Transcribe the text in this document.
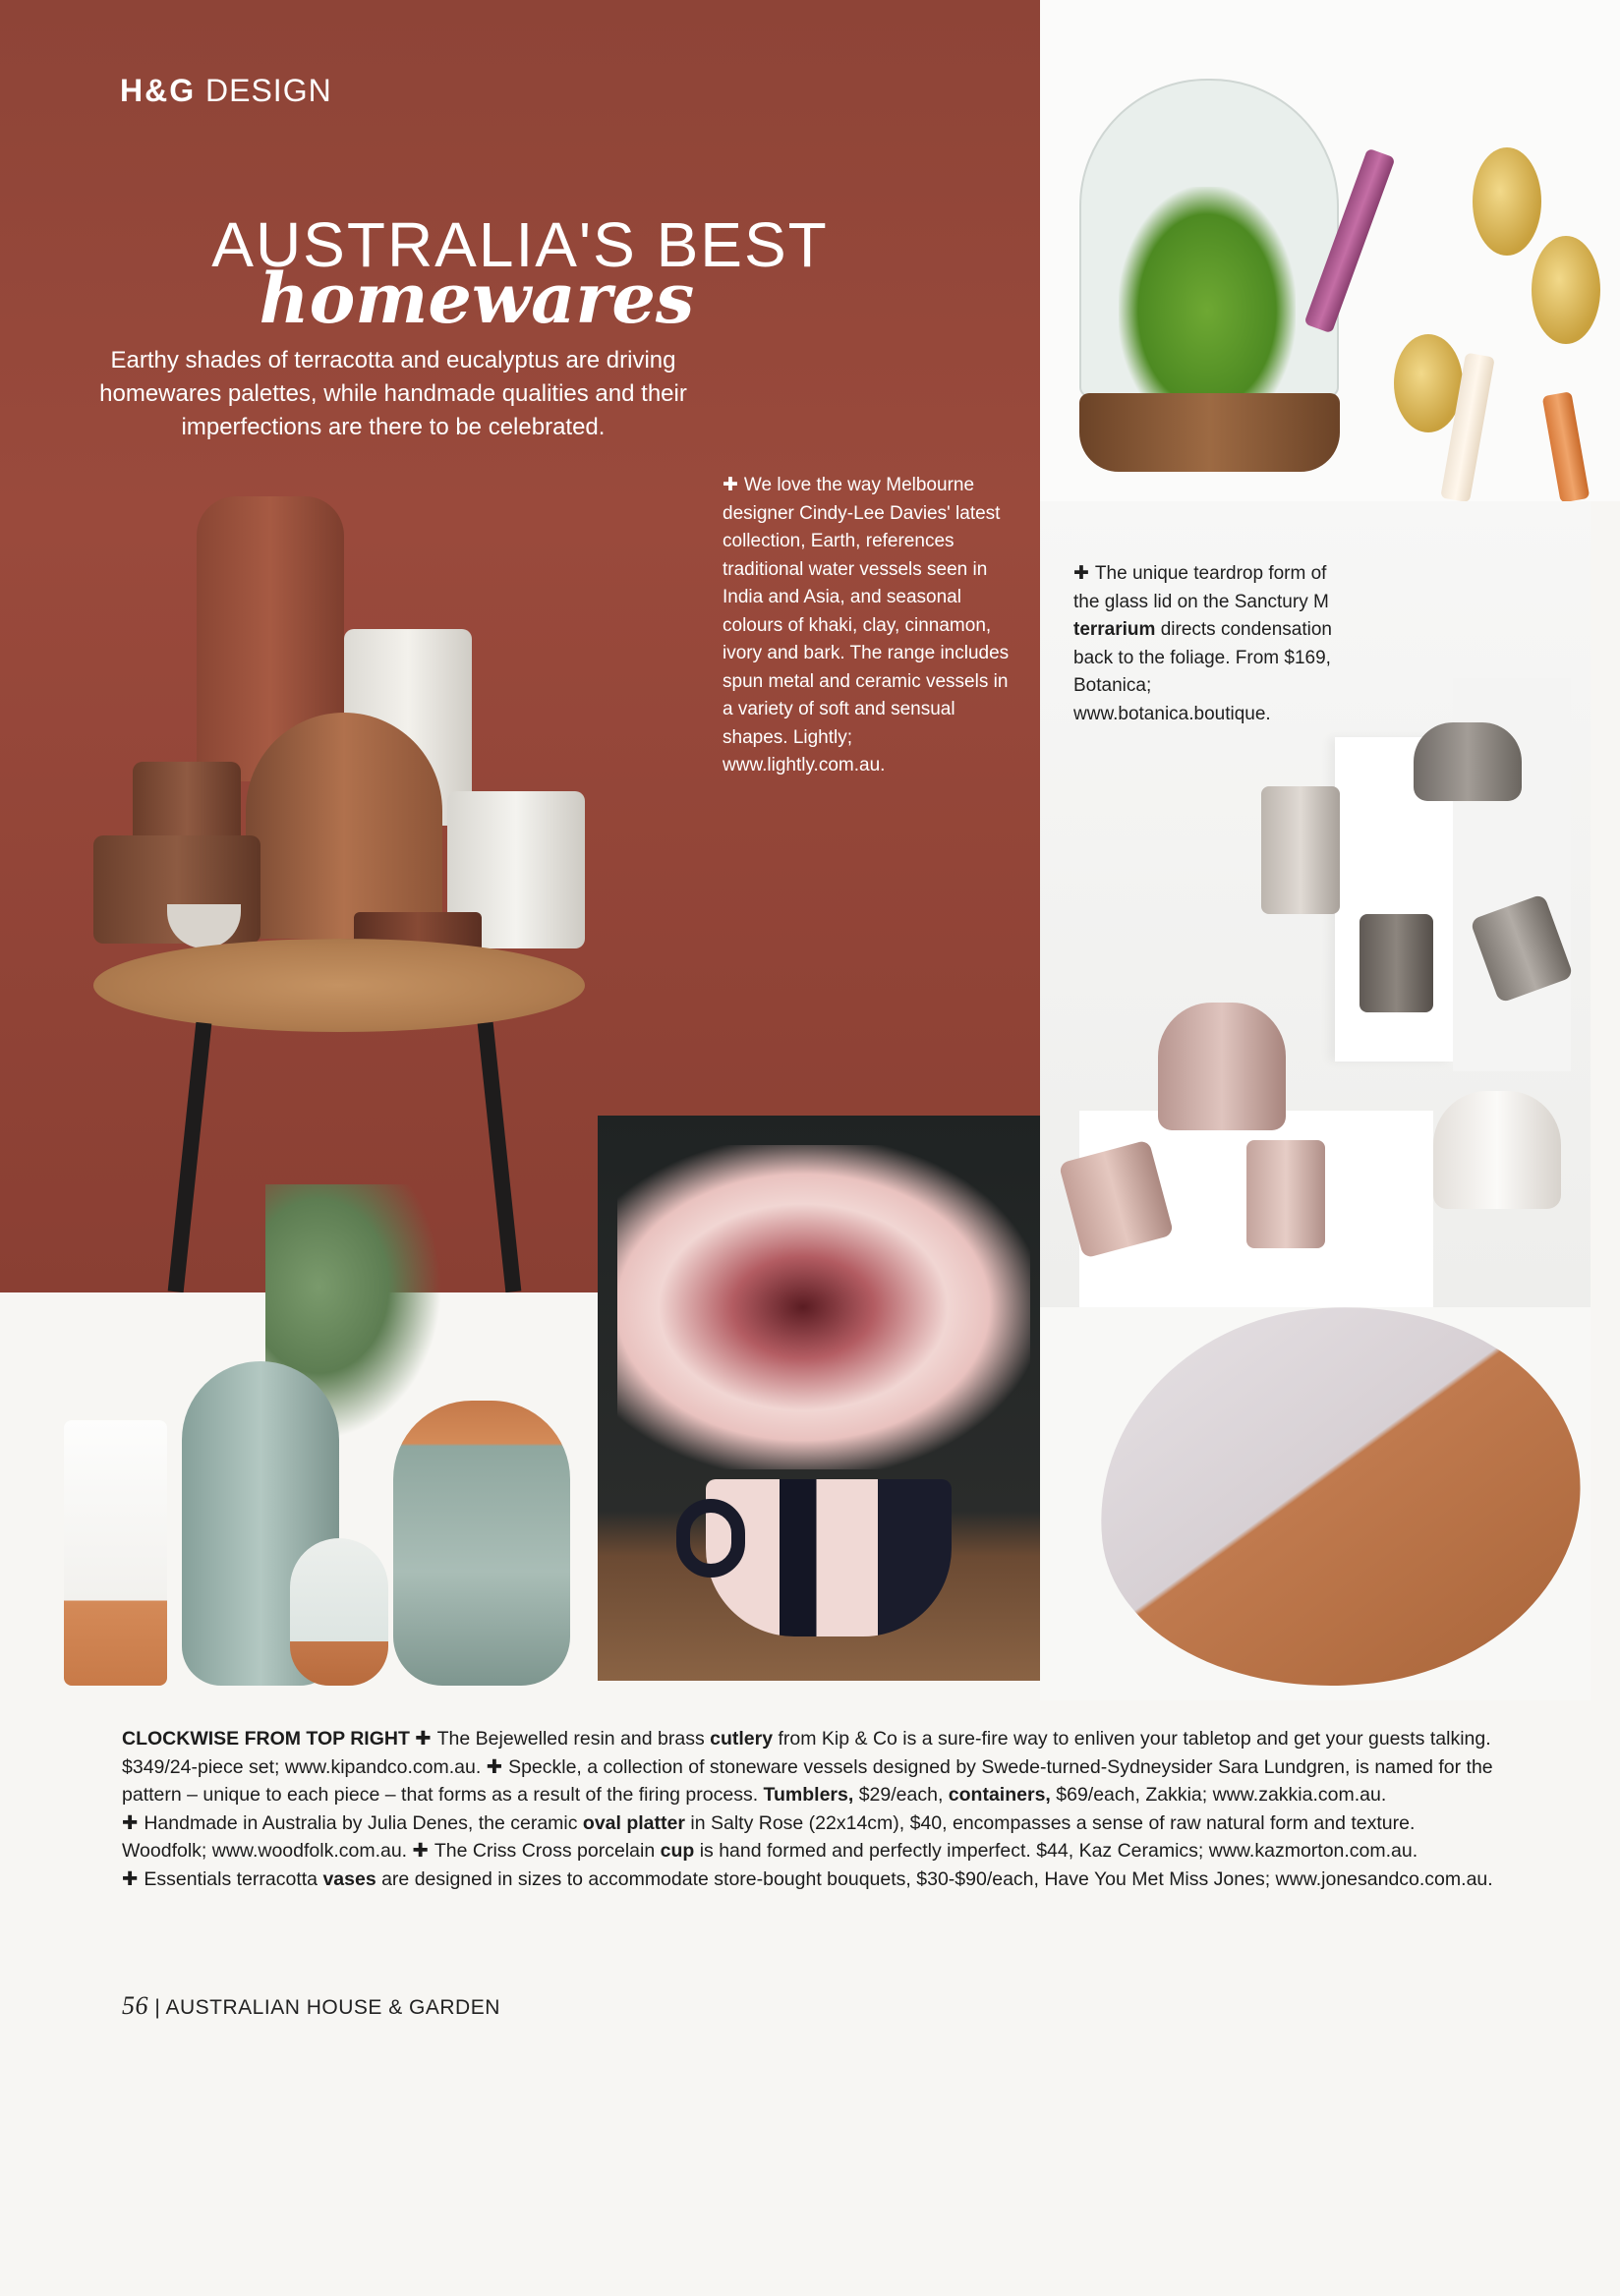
H&G DESIGN
AUSTRALIA'S BEST
homewares
Earthy shades of terracotta and eucalyptus are driving homewares palettes, while handmade qualities and their imperfections are there to be celebrated.
✚ We love the way Melbourne designer Cindy-Lee Davies' latest collection, Earth, references traditional water vessels seen in India and Asia, and seasonal colours of khaki, clay, cinnamon, ivory and bark. The range includes spun metal and ceramic vessels in a variety of soft and sensual shapes. Lightly; www.lightly.com.au.
✚ The unique teardrop form of the glass lid on the Sanctury M terrarium directs condensation back to the foliage. From $169, Botanica; www.botanica.boutique.
CLOCKWISE FROM TOP RIGHT ✚ The Bejewelled resin and brass cutlery from Kip & Co is a sure-fire way to enliven your tabletop and get your guests talking. $349/24-piece set; www.kipandco.com.au. ✚ Speckle, a collection of stoneware vessels designed by Swede-turned-Sydneysider Sara Lundgren, is named for the pattern – unique to each piece – that forms as a result of the firing process. Tumblers, $29/each, containers, $69/each, Zakkia; www.zakkia.com.au. ✚ Handmade in Australia by Julia Denes, the ceramic oval platter in Salty Rose (22x14cm), $40, encompasses a sense of raw natural form and texture. Woodfolk; www.woodfolk.com.au. ✚ The Criss Cross porcelain cup is hand formed and perfectly imperfect. $44, Kaz Ceramics; www.kazmorton.com.au. ✚ Essentials terracotta vases are designed in sizes to accommodate store-bought bouquets, $30-$90/each, Have You Met Miss Jones; www.jonesandco.com.au.
56 | AUSTRALIAN HOUSE & GARDEN
